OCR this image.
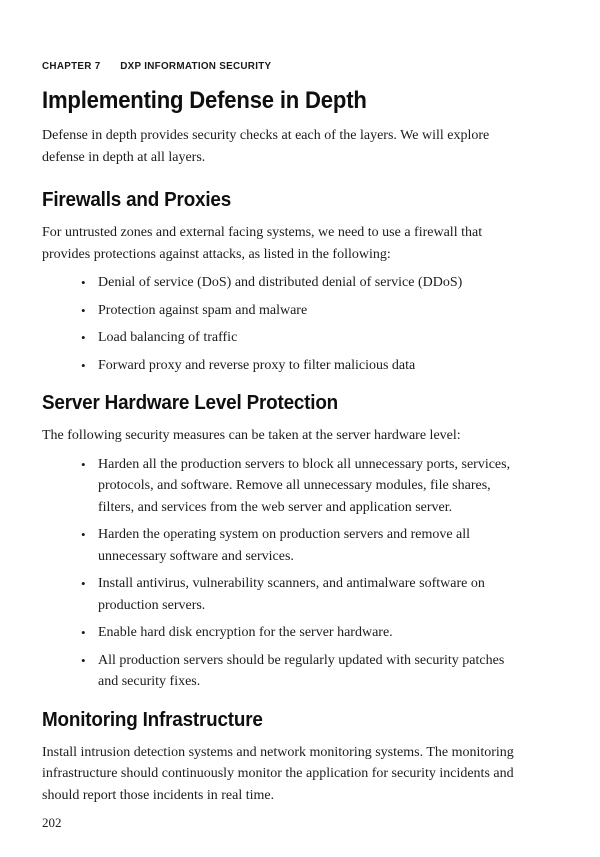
CHAPTER 7 DXP INFORMATION SECURITY
Implementing Defense in Depth

Defense in depth provides security checks at each of the layers. We will explore defense in depth at all layers.

Firewalls and Proxies

For untrusted zones and external facing systems, we need to use a firewall that provides protections against attacks, as listed in the following:

• Denial of service (DoS) and distributed denial of service (DDoS)
• Protection against spam and malware
• Load balancing of traffic
• Forward proxy and reverse proxy to filter malicious data
Server Hardware Level Protection

The following security measures can be taken at the server hardware level:

• Harden all the production servers to block all unnecessary ports, services, protocols, and software. Remove all unnecessary modules, file shares, filters, and services from the web server and application server.
• Harden the operating system on production servers and remove all unnecessary software and services.
• Install antivirus, vulnerability scanners, and antimalware software on production servers.
• Enable hard disk encryption for the server hardware.
• All production servers should be regularly updated with security patches and security fixes.
Monitoring Infrastructure

Install intrusion detection systems and network monitoring systems. The monitoring infrastructure should continuously monitor the application for security incidents and should report those incidents in real time.

202
